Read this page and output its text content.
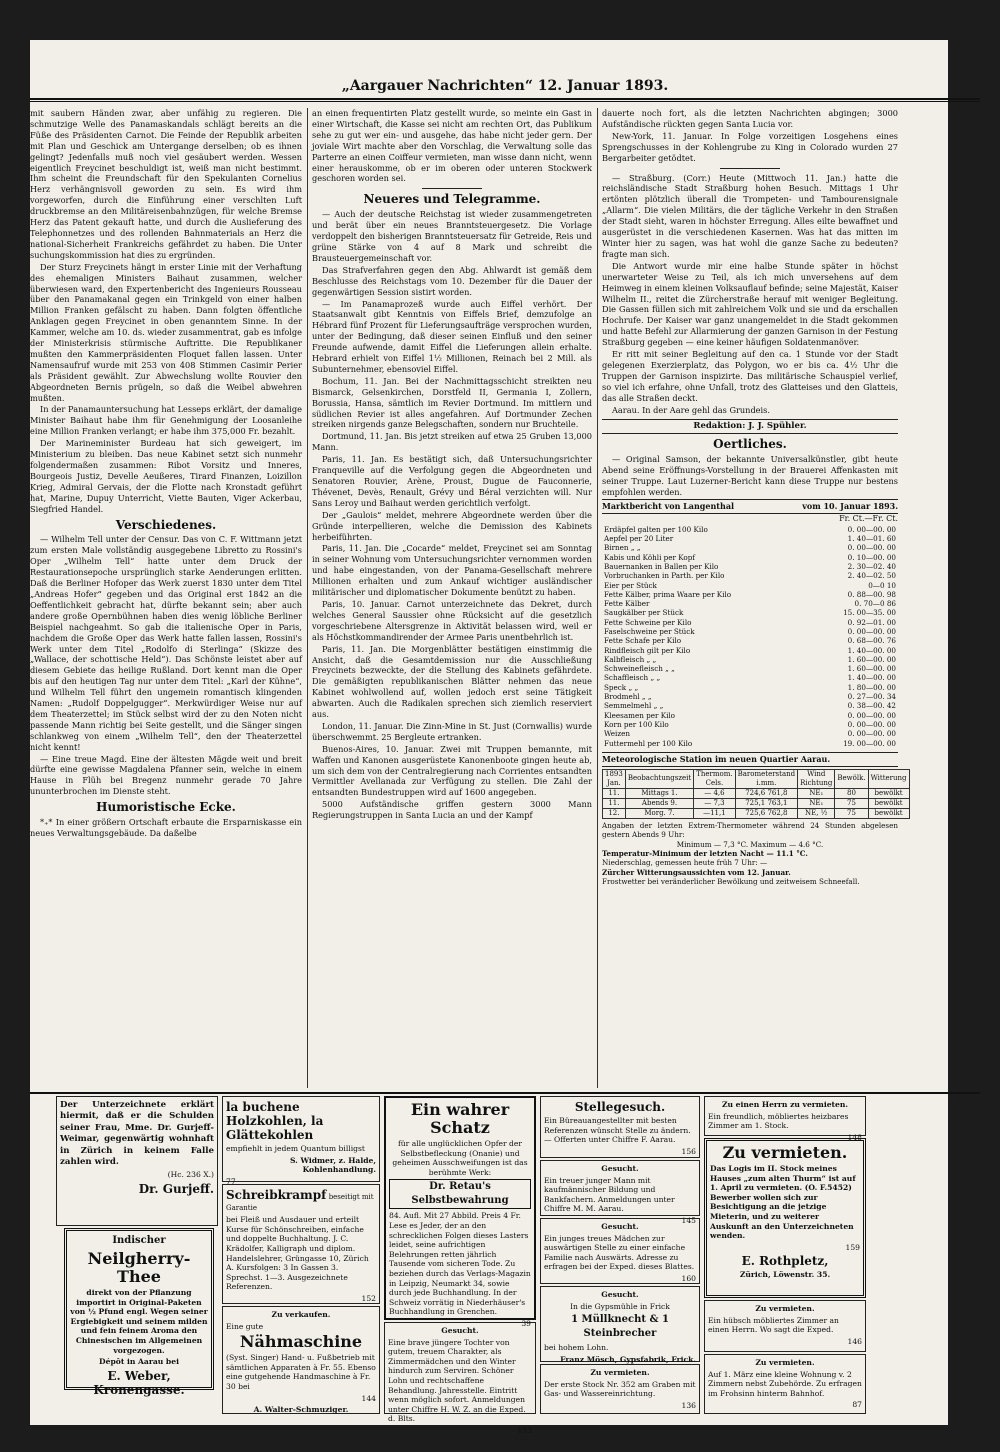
„Aargauer Nachrichten“ 12. Januar 1893.

mit saubern Händen zwar, aber unfähig zu regieren. Die schmutzige Welle des Panamaskandals schlägt bereits an die Füße des Präsidenten Carnot. Die Feinde der Republik arbeiten mit Plan und Geschick am Untergange derselben; ob es ihnen gelingt? Jedenfalls muß noch viel gesäubert werden. Wessen eigentlich Freycinet beschuldigt ist, weiß man nicht bestimmt. Ihm scheint die Freundschaft für den Spekulanten Cornelius Herz verhängnisvoll geworden zu sein. Es wird ihm vorgeworfen, durch die Einführung einer verschlten Luft druckbremse an den Militäreisenbahnzügen, für welche Bremse Herz das Patent gekauft hatte, und durch die Auslieferung des Telephonnetzes und des rollenden Bahnmaterials an Herz die national-Sicherheit Frankreichs gefährdet zu haben. Die Unter suchungskommission hat dies zu ergründen.

Der Sturz Freycinets hängt in erster Linie mit der Verhaftung des ehemaligen Ministers Baihaut zusammen, welcher überwiesen ward, den Expertenbericht des Ingenieurs Rousseau über den Panamakanal gegen ein Trinkgeld von einer halben Million Franken gefälscht zu haben. Dann folgten öffentliche Anklagen gegen Freycinet in oben genanntem Sinne. In der Kammer, welche am 10. ds. wieder zusammentrat, gab es infolge der Ministerkrisis stürmische Auftritte. Die Republikaner mußten den Kammerpräsidenten Floquet fallen lassen. Unter Namensaufruf wurde mit 253 von 408 Stimmen Casimir Perier als Präsident gewählt. Zur Abwechslung wollte Rouvier den Abgeordneten Bernis prügeln, so daß die Weibel abwehren mußten.

In der Panamauntersuchung hat Lesseps erklärt, der damalige Minister Baihaut habe ihm für Genehmigung der Loosanleihe eine Million Franken verlangt; er habe ihm 375,000 Fr. bezahlt.

Der Marineminister Burdeau hat sich geweigert, im Ministerium zu bleiben. Das neue Kabinet setzt sich nunmehr folgendermaßen zusammen: Ribot Vorsitz und Inneres, Bourgeois Justiz, Develle Aeußeres, Tirard Finanzen, Loizillon Krieg, Admiral Gervais, der die Flotte nach Kronstadt geführt hat, Marine, Dupuy Unterricht, Viette Bauten, Viger Ackerbau, Siegfried Handel.

Verschiedenes.

— Wilhelm Tell unter der Censur. Das von C. F. Wittmann jetzt zum ersten Male vollständig ausgegebene Libretto zu Rossini's Oper „Wilhelm Tell“ hatte unter dem Druck der Restaurationsepoche ursprünglich starke Aenderungen erlitten. Daß die Berliner Hofoper das Werk zuerst 1830 unter dem Titel „Andreas Hofer“ gegeben und das Original erst 1842 an die Oeffentlichkeit gebracht hat, dürfte bekannt sein; aber auch andere große Opernbühnen haben dies wenig löbliche Berliner Beispiel nachgeahmt. So gab die italienische Oper in Paris, nachdem die Große Oper das Werk hatte fallen lassen, Rossini's Werk unter dem Titel „Rodolfo di Sterlinga“ (Skizze des „Wallace, der schottische Held“). Das Schönste leistet aber auf diesem Gebiete das heilige Rußland. Dort kennt man die Oper bis auf den heutigen Tag nur unter dem Titel: „Karl der Kühne“, und Wilhelm Tell führt den ungemein romantisch klingenden Namen: „Rudolf Doppelgugger“. Merkwürdiger Weise nur auf dem Theaterzettel; im Stück selbst wird der zu den Noten nicht passende Mann richtig bei Seite gestellt, und die Sänger singen schlankweg von einem „Wilhelm Tell“, den der Theaterzettel nicht kennt!

— Eine treue Magd. Eine der ältesten Mägde weit und breit dürfte eine gewisse Magdalena Pfanner sein, welche in einem Hause in Flüh bei Bregenz nunmehr gerade 70 Jahre ununterbrochen im Dienste steht.

Humoristische Ecke.

*₊* In einer größern Ortschaft erbaute die Ersparniskasse ein neues Verwaltungsgebäude. Da daßelbe

an einen frequentirten Platz gestellt wurde, so meinte ein Gast in einer Wirtschaft, die Kasse sei nicht am rechten Ort, das Publikum sehe zu gut wer ein- und ausgehe, das habe nicht jeder gern. Der joviale Wirt machte aber den Vorschlag, die Verwaltung solle das Parterre an einen Coiffeur vermieten, man wisse dann nicht, wenn einer herauskomme, ob er im oberen oder unteren Stockwerk geschoren worden sei.

Neueres und Telegramme.

— Auch der deutsche Reichstag ist wieder zusammengetreten und berät über ein neues Branntsteuergesetz. Die Vorlage verdoppelt den bisherigen Branntsteuersatz für Getreide, Reis und grüne Stärke von 4 auf 8 Mark und schreibt die Brausteuergemeinschaft vor.

Das Strafverfahren gegen den Abg. Ahlwardt ist gemäß dem Beschlusse des Reichstags vom 10. Dezember für die Dauer der gegenwärtigen Session sistirt worden.

— Im Panamaprozeß wurde auch Eiffel verhört. Der Staatsanwalt gibt Kenntnis von Eiffels Brief, demzufolge an Hébrard fünf Prozent für Lieferungsaufträge versprochen wurden, unter der Bedingung, daß dieser seinen Einfluß und den seiner Freunde aufwende, damit Eiffel die Lieferungen allein erhalte. Hebrard erhielt von Eiffel 1½ Millionen, Reinach bei 2 Mill. als Subunternehmer, ebensoviel Eiffel.

Bochum, 11. Jan. Bei der Nachmittagsschicht streikten neu Bismarck, Gelsenkirchen, Dorstfeld II, Germania I, Zollern, Borussia, Hansa, sämtlich im Revier Dortmund. Im mittlern und südlichen Revier ist alles angefahren. Auf Dortmunder Zechen streiken nirgends ganze Belegschaften, sondern nur Bruchteile.

Dortmund, 11. Jan. Bis jetzt streiken auf etwa 25 Gruben 13,000 Mann.

Paris, 11. Jan. Es bestätigt sich, daß Untersuchungsrichter Franqueville auf die Verfolgung gegen die Abgeordneten und Senatoren Rouvier, Arène, Proust, Dugue de Fauconnerie, Thévenet, Devès, Renault, Grévy und Béral verzichten will. Nur Sans Leroy und Baihaut werden gerichtlich verfolgt.

Der „Gaulois“ meldet, mehrere Abgeordnete werden über die Gründe interpellieren, welche die Demission des Kabinets herbeiführten.

Paris, 11. Jan. Die „Cocarde“ meldet, Freycinet sei am Sonntag in seiner Wohnung vom Untersuchungsrichter vernommen worden und habe eingestanden, von der Panama-Gesellschaft mehrere Millionen erhalten und zum Ankauf wichtiger ausländischer militärischer und diplomatischer Dokumente benützt zu haben.

Paris, 10. Januar. Carnot unterzeichnete das Dekret, durch welches General Saussier ohne Rücksicht auf die gesetzlich vorgeschriebene Altersgrenze in Aktivität belassen wird, weil er als Höchstkommandirender der Armee Paris unentbehrlich ist.

Paris, 11. Jan. Die Morgenblätter bestätigen einstimmig die Ansicht, daß die Gesamtdemission nur die Ausschließung Freycinets bezweckte, der die Stellung des Kabinets gefährdete. Die gemäßigten republikanischen Blätter nehmen das neue Kabinet wohlwollend auf, wollen jedoch erst seine Tätigkeit abwarten. Auch die Radikalen sprechen sich ziemlich reserviert aus.

London, 11. Januar. Die Zinn-Mine in St. Just (Cornwallis) wurde überschwemmt. 25 Bergleute ertranken.

Buenos-Aires, 10. Januar. Zwei mit Truppen bemannte, mit Waffen und Kanonen ausgerüstete Kanonenboote gingen heute ab, um sich dem von der Centralregierung nach Corrientes entsandten Vermittler Avellanada zur Verfügung zu stellen. Die Zahl der entsandten Bundestruppen wird auf 1600 angegeben.

5000 Aufständische griffen gestern 3000 Mann Regierungstruppen in Santa Lucia an und der Kampf

dauerte noch fort, als die letzten Nachrichten abgingen; 3000 Aufständische rückten gegen Santa Lucia vor.

New-York, 11. Januar. In Folge vorzeitigen Losgehens eines Sprengschusses in der Kohlengrube zu King in Colorado wurden 27 Bergarbeiter getödtet.

— Straßburg. (Corr.) Heute (Mittwoch 11. Jan.) hatte die reichsländische Stadt Straßburg hohen Besuch. Mittags 1 Uhr ertönten plötzlich überall die Trompeten- und Tambourensignale „Allarm“. Die vielen Militärs, die der tägliche Verkehr in den Straßen der Stadt sieht, waren in höchster Erregung. Alles eilte bewaffnet und ausgerüstet in die verschiedenen Kasernen. Was hat das mitten im Winter hier zu sagen, was hat wohl die ganze Sache zu bedeuten? fragte man sich.

Die Antwort wurde mir eine halbe Stunde später in höchst unerwarteter Weise zu Teil, als ich mich unversehens auf dem Heimweg in einem kleinen Volksauflauf befinde; seine Majestät, Kaiser Wilhelm II., reitet die Zürcherstraße herauf mit weniger Begleitung. Die Gassen füllen sich mit zahlreichem Volk und sie und da erschallen Hochrufe. Der Kaiser war ganz unangemeldet in die Stadt gekommen und hatte Befehl zur Allarmierung der ganzen Garnison in der Festung Straßburg gegeben — eine keiner häufigen Soldatenmanöver.

Er ritt mit seiner Begleitung auf den ca. 1 Stunde vor der Stadt gelegenen Exerzierplatz, das Polygon, wo er bis ca. 4½ Uhr die Truppen der Garnison inspizirte. Das militärische Schauspiel verlief, so viel ich erfahre, ohne Unfall, trotz des Glatteises und den Glatteis, das alle Straßen deckt.

Aarau. In der Aare gehl das Grundeis.

Redaktion: J. J. Spühler.
Oertliches.

— Original Samson, der bekannte Universalkünstler, gibt heute Abend seine Eröffnungs-Vorstellung in der Brauerei Affenkasten mit seiner Truppe. Laut Luzerner-Bericht kann diese Truppe nur bestens empfohlen werden.

Marktbericht von Langenthal	vom 10. Januar 1893.
Fr. Ct.—Fr. Ct.
Erdäpfel galten per 100 Kilo	0. 00—00. 00
Aepfel per 20 Liter	1. 40—01. 60
Birnen „ „	0. 00—00. 00
Kabis und Köhli per Kopf	0. 10—00. 00
Bauernanken in Ballen per Kilo	2. 30—02. 40
Vorbruchanken in Parth. per Kilo	2. 40—02. 50
Eier per Stück	0—0 10
Fette Kälber, prima Waare per Kilo	0. 88—00. 98
Fette Kälber	0. 70—0 86
Saugkälber per Stück	15. 00—35. 00
Fette Schweine per Kilo	0. 92—01. 00
Faselschweine per Stück	0. 00—00. 00
Fette Schafe per Kilo	0. 68—00. 76
Rindfleisch gilt per Kilo	1. 40—00. 00
Kalbfleisch „ „	1. 60—00. 00
Schweinefleisch „ „	1. 60—00. 00
Schaffleisch „ „	1. 40—00. 00
Speck „ „	1. 80—00. 00
Brodmehl „ „	0. 27—00. 34
Semmelmehl „ „	0. 38—00. 42
Kleesamen per Kilo	0. 00—00. 00
Korn per 100 Kilo	0. 00—00. 00
Weizen	0. 00—00. 00
Futtermehl per 100 Kilo	19. 00—00. 00
Meteorologische Station im neuen Quartier Aarau.
1893 Jan.	Beobachtungszeit	Thermom. Cels.	Barometerstand i.mm.	Wind Richtung	Bewölk.	Witterung
11.	Mittags 1.	— 4,6	724,6 761,8	NE₁	80	bewölkt
11.	Abends 9.	— 7,3	725,1 763,1	NE₁	75	bewölkt
12.	Morg. 7.	—11,1	725,6 762,8	NE, ½	75	bewölkt
Angaben der letzten Extrem-Thermometer während 24 Stunden abgelesen gestern Abends 9 Uhr:
Minimum — 7,3 °C. Maximum — 4.6 °C.
Temperatur-Minimum der letzten Nacht — 11.1 °C.
Niederschlag, gemessen heute früh 7 Uhr: —
Zürcher Witterungsaussichten vom 12. Januar.
Frostwetter bei veränderlicher Bewölkung und zeitweisem Schneefall.

Der Unterzeichnete erklärt hiermit, daß er die Schulden seiner Frau, Mme. Dr. Gurjeff-Weimar, gegenwärtig wohnhaft in Zürich in keinem Falle zahlen wird.

(Hc. 236 X.)

Dr. Gurjeff.

Indischer

Neilgherry-Thee

direkt von der Pflanzung importirt in Original-Paketen von ½ Pfund engl. Wegen seiner Ergiebigkeit und seinem milden und fein feinem Aroma den Chinesischen im Allgemeinen vorgezogen.

Dépôt in Aarau bei

E. Weber, Kronengasse.

la buchene Holzkohlen, la Glättekohlen

empfiehlt in jedem Quantum billigst

S. Widmer, z. Halde, Kohlenhandlung.

77

Schreibkrampf beseitigt mit Garantie

bei Fleiß und Ausdauer und erteilt Kurse für Schönschreiben, einfache und doppelte Buchhaltung. J. C. Krädolfer, Kalligraph und diplom. Handelslehrer, Grüngasse 10, Zürich A. Kursfolgen: 3 In Gassen 3. Sprechst. 1—3. Ausgezeichnete Referenzen.

152

Zu verkaufen.

Eine gute

Nähmaschine

(Syst. Singer) Hand- u. Fußbetrieb mit sämtlichen Apparaten à Fr. 55. Ebenso eine gutgehende Handmaschine à Fr. 30 bei

144

A. Walter-Schmuziger.

Ein wahrer Schatz

für alle unglücklichen Opfer der Selbstbefleckung (Onanie) und geheimen Ausschweifungen ist das berühmte Werk:

Dr. Retau's Selbstbewahrung

84. Aufl. Mit 27 Abbild. Preis 4 Fr. Lese es Jeder, der an den schrecklichen Folgen dieses Lasters leidet, seine aufrichtigen Belehrungen retten jährlich Tausende vom sicheren Tode. Zu beziehen durch das Verlags-Magazin in Leipzig, Neumarkt 34, sowie durch jede Buchhandlung. In der Schweiz vorrätig in Niederhäuser's Buchhandlung in Grenchen.

39

Gesucht.

Eine brave jüngere Tochter von gutem, treuem Charakter, als Zimmermädchen und den Winter hindurch zum Serviren. Schöner Lohn und rechtschaffene Behandlung. Jahresstelle. Eintritt wenn möglich sofort. Anmeldungen unter Chiffre H. W. Z. an die Exped. d. Blts.

153

Stellegesuch.

Ein Büreauangestellter mit besten Referenzen wünscht Stelle zu ändern. — Offerten unter Chiffre F. Aarau.

156

Gesucht.

Ein treuer junger Mann mit kaufmännischer Bildung und Bankfachern. Anmeldungen unter Chiffre M. M. Aarau.

145

Gesucht.

Ein junges treues Mädchen zur auswärtigen Stelle zu einer einfache Familie nach Auswärts. Adresse zu erfragen bei der Exped. dieses Blattes.

160

Gesucht.

In die Gypsmühle in Frick

1 Müllknecht & 1 Steinbrecher

bei hohem Lohn.

Franz Mösch, Gypsfabrik, Frick.

Zu vermieten.

Der erste Stock Nr. 352 am Graben mit Gas- und Wassereinrichtung.

136

Zu einen Herrn zu vermieten.

Ein freundlich, möbliertes heizbares Zimmer am 1. Stock.

148

Zu vermieten.

Das Logis im II. Stock meines Hauses „zum alten Thurm“ ist auf 1. April zu vermieten. (O. F.5452) Bewerber wollen sich zur Besichtigung an die jetzige Mieterin, und zu weiterer Auskunft an den Unterzeichneten wenden.

159

E. Rothpletz,

Zürich, Löwenstr. 35.

Zu vermieten.

Ein hübsch möbliertes Zimmer an einen Herrn. Wo sagt die Exped.

146

Zu vermieten.

Auf 1. März eine kleine Wohnung v. 2 Zimmern nebst Zubehörde. Zu erfragen im Frohsinn hinterm Bahnhof.

87
